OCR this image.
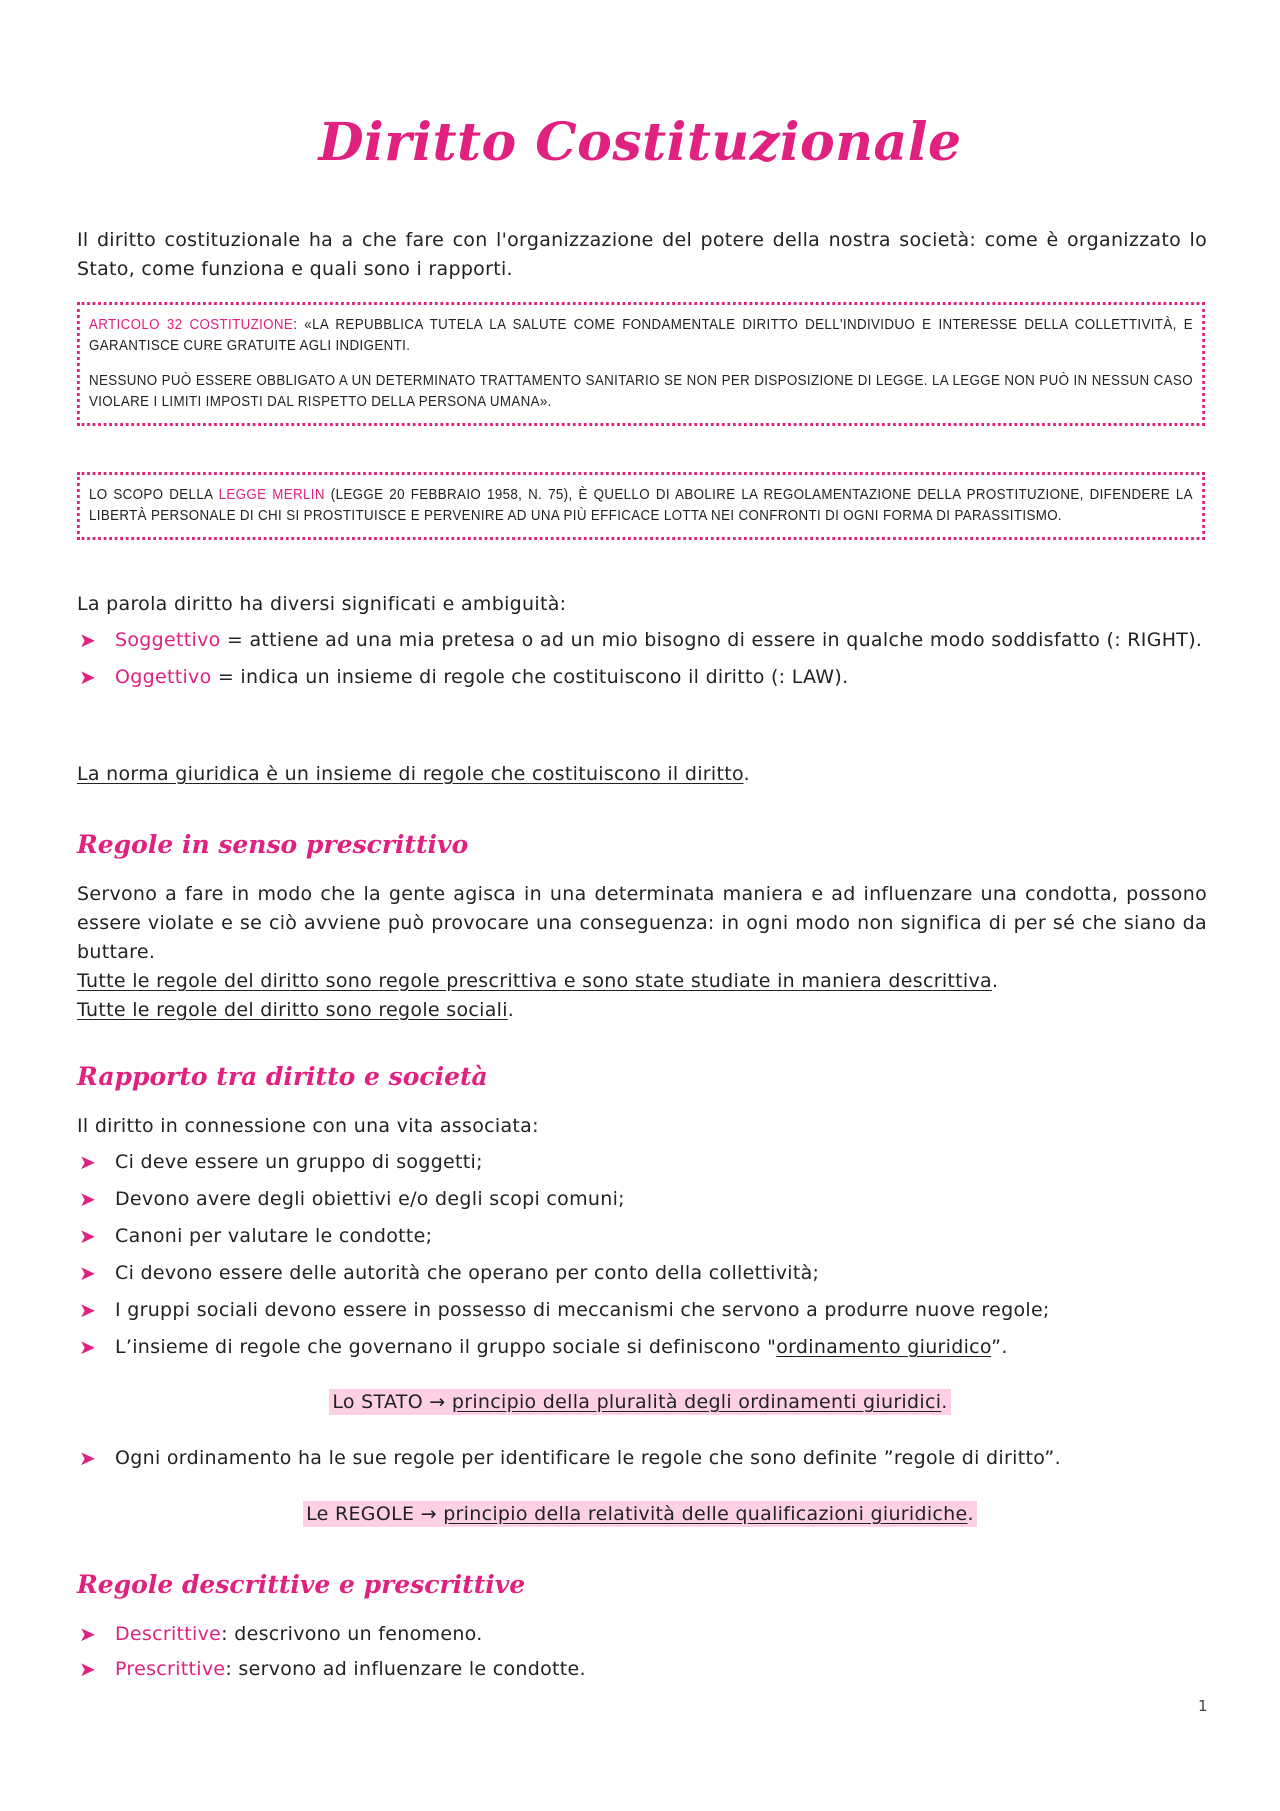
Diritto Costituzionale
Il diritto costituzionale ha a che fare con l'organizzazione del potere della nostra società: come è organizzato lo Stato, come funziona e quali sono i rapporti.

ARTICOLO 32 COSTITUZIONE: «LA REPUBBLICA TUTELA LA SALUTE COME FONDAMENTALE DIRITTO DELL'INDIVIDUO E INTERESSE DELLA COLLETTIVITÀ, E GARANTISCE CURE GRATUITE AGLI INDIGENTI.

NESSUNO PUÒ ESSERE OBBLIGATO A UN DETERMINATO TRATTAMENTO SANITARIO SE NON PER DISPOSIZIONE DI LEGGE. LA LEGGE NON PUÒ IN NESSUN CASO VIOLARE I LIMITI IMPOSTI DAL RISPETTO DELLA PERSONA UMANA».

LO SCOPO DELLA LEGGE MERLIN (LEGGE 20 FEBBRAIO 1958, N. 75), È QUELLO DI ABOLIRE LA REGOLAMENTAZIONE DELLA PROSTITUZIONE, DIFENDERE LA LIBERTÀ PERSONALE DI CHI SI PROSTITUISCE E PERVENIRE AD UNA PIÙ EFFICACE LOTTA NEI CONFRONTI DI OGNI FORMA DI PARASSITISMO.

La parola diritto ha diversi significati e ambiguità:
➤ Soggettivo = attiene ad una mia pretesa o ad un mio bisogno di essere in qualche modo soddisfatto (: RIGHT).
➤ Oggettivo = indica un insieme di regole che costituiscono il diritto (: LAW).
La norma giuridica è un insieme di regole che costituiscono il diritto.
Regole in senso prescrittivo
Servono a fare in modo che la gente agisca in una determinata maniera e ad influenzare una condotta, possono essere violate e se ciò avviene può provocare una conseguenza: in ogni modo non significa di per sé che siano da buttare.
Tutte le regole del diritto sono regole prescrittiva e sono state studiate in maniera descrittiva.
Tutte le regole del diritto sono regole sociali.
Rapporto tra diritto e società
Il diritto in connessione con una vita associata:
➤ Ci deve essere un gruppo di soggetti;
➤ Devono avere degli obiettivi e/o degli scopi comuni;
➤ Canoni per valutare le condotte;
➤ Ci devono essere delle autorità che operano per conto della collettività;
➤ I gruppi sociali devono essere in possesso di meccanismi che servono a produrre nuove regole;
➤ L’insieme di regole che governano il gruppo sociale si definiscono "ordinamento giuridico”.
Lo STATO → principio della pluralità degli ordinamenti giuridici.
➤ Ogni ordinamento ha le sue regole per identificare le regole che sono definite ”regole di diritto”.
Le REGOLE → principio della relatività delle qualificazioni giuridiche.
Regole descrittive e prescrittive
➤ Descrittive: descrivono un fenomeno.
➤ Prescrittive: servono ad influenzare le condotte.
1
